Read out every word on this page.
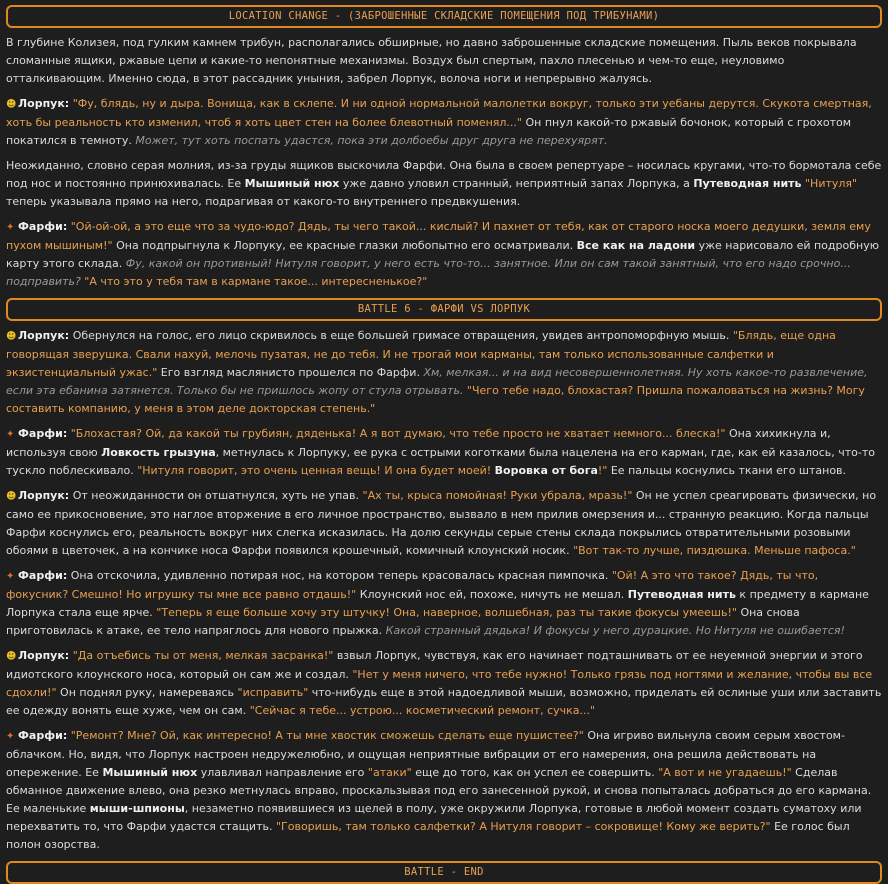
LOCATION CHANGE - (ЗАБРОШЕННЫЕ СКЛАДСКИЕ ПОМЕЩЕНИЯ ПОД ТРИБУНАМИ)

В глубине Колизея, под гулким камнем трибун, располагались обширные, но давно заброшенные складские помещения. Пыль веков покрывала сломанные ящики, ржавые цепи и какие-то непонятные механизмы. Воздух был спертым, пахло плесенью и чем-то еще, неуловимо отталкивающим. Именно сюда, в этот рассадник уныния, забрел Лорпук, волоча ноги и непрерывно жалуясь.

☻ Лорпук: "Фу, блядь, ну и дыра. Вонища, как в склепе. И ни одной нормальной малолетки вокруг, только эти уебаны дерутся. Скукота смертная, хоть бы реальность кто изменил, чтоб я хоть цвет стен на более блевотный поменял..." Он пнул какой-то ржавый бочонок, который с грохотом покатился в темноту. Может, тут хоть поспать удастся, пока эти долбоебы друг друга не перехуярят.

Неожиданно, словно серая молния, из-за груды ящиков выскочила Фарфи. Она была в своем репертуаре – носилась кругами, что-то бормотала себе под нос и постоянно принюхивалась. Ее Мышиный нюх уже давно уловил странный, неприятный запах Лорпука, а Путеводная нить "Нитуля" теперь указывала прямо на него, подрагивая от какого-то внутреннего предвкушения.

✦ Фарфи: "Ой-ой-ой, а это еще что за чудо-юдо? Дядь, ты чего такой... кислый? И пахнет от тебя, как от старого носка моего дедушки, земля ему пухом мышиным!" Она подпрыгнула к Лорпуку, ее красные глазки любопытно его осматривали. Все как на ладони уже нарисовало ей подробную карту этого склада. Фу, какой он противный! Нитуля говорит, у него есть что-то... занятное. Или он сам такой занятный, что его надо срочно... подправить? "А что это у тебя там в кармане такое... интересненькое?"

BATTLE 6 - ФАРФИ VS ЛОРПУК

☻ Лорпук: Обернулся на голос, его лицо скривилось в еще большей гримасе отвращения, увидев антропоморфную мышь. "Блядь, еще одна говорящая зверушка. Свали нахуй, мелочь пузатая, не до тебя. И не трогай мои карманы, там только использованные салфетки и экзистенциальный ужас." Его взгляд маслянисто прошелся по Фарфи. Хм, мелкая... и на вид несовершеннолетняя. Ну хоть какое-то развлечение, если эта ебанина затянется. Только бы не пришлось жопу от стула отрывать. "Чего тебе надо, блохастая? Пришла пожаловаться на жизнь? Могу составить компанию, у меня в этом деле докторская степень."

✦ Фарфи: "Блохастая? Ой, да какой ты грубиян, дяденька! А я вот думаю, что тебе просто не хватает немного... блеска!" Она хихикнула и, используя свою Ловкость грызуна, метнулась к Лорпуку, ее рука с острыми коготками была нацелена на его карман, где, как ей казалось, что-то тускло поблескивало. "Нитуля говорит, это очень ценная вещь! И она будет моей! Воровка от бога!" Ее пальцы коснулись ткани его штанов.

☻ Лорпук: От неожиданности он отшатнулся, хуть не упав. "Ах ты, крыса помойная! Руки убрала, мразь!" Он не успел среагировать физически, но само ее прикосновение, это наглое вторжение в его личное пространство, вызвало в нем прилив омерзения и... странную реакцию. Когда пальцы Фарфи коснулись его, реальность вокруг них слегка исказилась. На долю секунды серые стены склада покрылись отвратительными розовыми обоями в цветочек, а на кончике носа Фарфи появился крошечный, комичный клоунский носик. "Вот так-то лучше, пиздюшка. Меньше пафоса."

✦ Фарфи: Она отскочила, удивленно потирая нос, на котором теперь красовалась красная пимпочка. "Ой! А это что такое? Дядь, ты что, фокусник? Смешно! Но игрушку ты мне все равно отдашь!" Клоунский нос ей, похоже, ничуть не мешал. Путеводная нить к предмету в кармане Лорпука стала еще ярче. "Теперь я еще больше хочу эту штучку! Она, наверное, волшебная, раз ты такие фокусы умеешь!" Она снова приготовилась к атаке, ее тело напряглось для нового прыжка. Какой странный дядька! И фокусы у него дурацкие. Но Нитуля не ошибается!

☻ Лорпук: "Да отъебись ты от меня, мелкая засранка!" взвыл Лорпук, чувствуя, как его начинает подташнивать от ее неуемной энергии и этого идиотского клоунского носа, который он сам же и создал. "Нет у меня ничего, что тебе нужно! Только грязь под ногтями и желание, чтобы вы все сдохли!" Он поднял руку, намереваясь "исправить" что-нибудь еще в этой надоедливой мыши, возможно, приделать ей ослиные уши или заставить ее одежду вонять еще хуже, чем он сам. "Сейчас я тебе... устрою... косметический ремонт, сучка..."

✦ Фарфи: "Ремонт? Мне? Ой, как интересно! А ты мне хвостик сможешь сделать еще пушистее?" Она игриво вильнула своим серым хвостом-облачком. Но, видя, что Лорпук настроен недружелюбно, и ощущая неприятные вибрации от его намерения, она решила действовать на опережение. Ее Мышиный нюх улавливал направление его "атаки" еще до того, как он успел ее совершить. "А вот и не угадаешь!" Сделав обманное движение влево, она резко метнулась вправо, проскальзывая под его занесенной рукой, и снова попыталась добраться до его кармана. Ее маленькие мыши-шпионы, незаметно появившиеся из щелей в полу, уже окружили Лорпука, готовые в любой момент создать суматоху или перехватить то, что Фарфи удастся стащить. "Говоришь, там только салфетки? А Нитуля говорит – сокровище! Кому же верить?" Ее голос был полон озорства.

BATTLE - END
